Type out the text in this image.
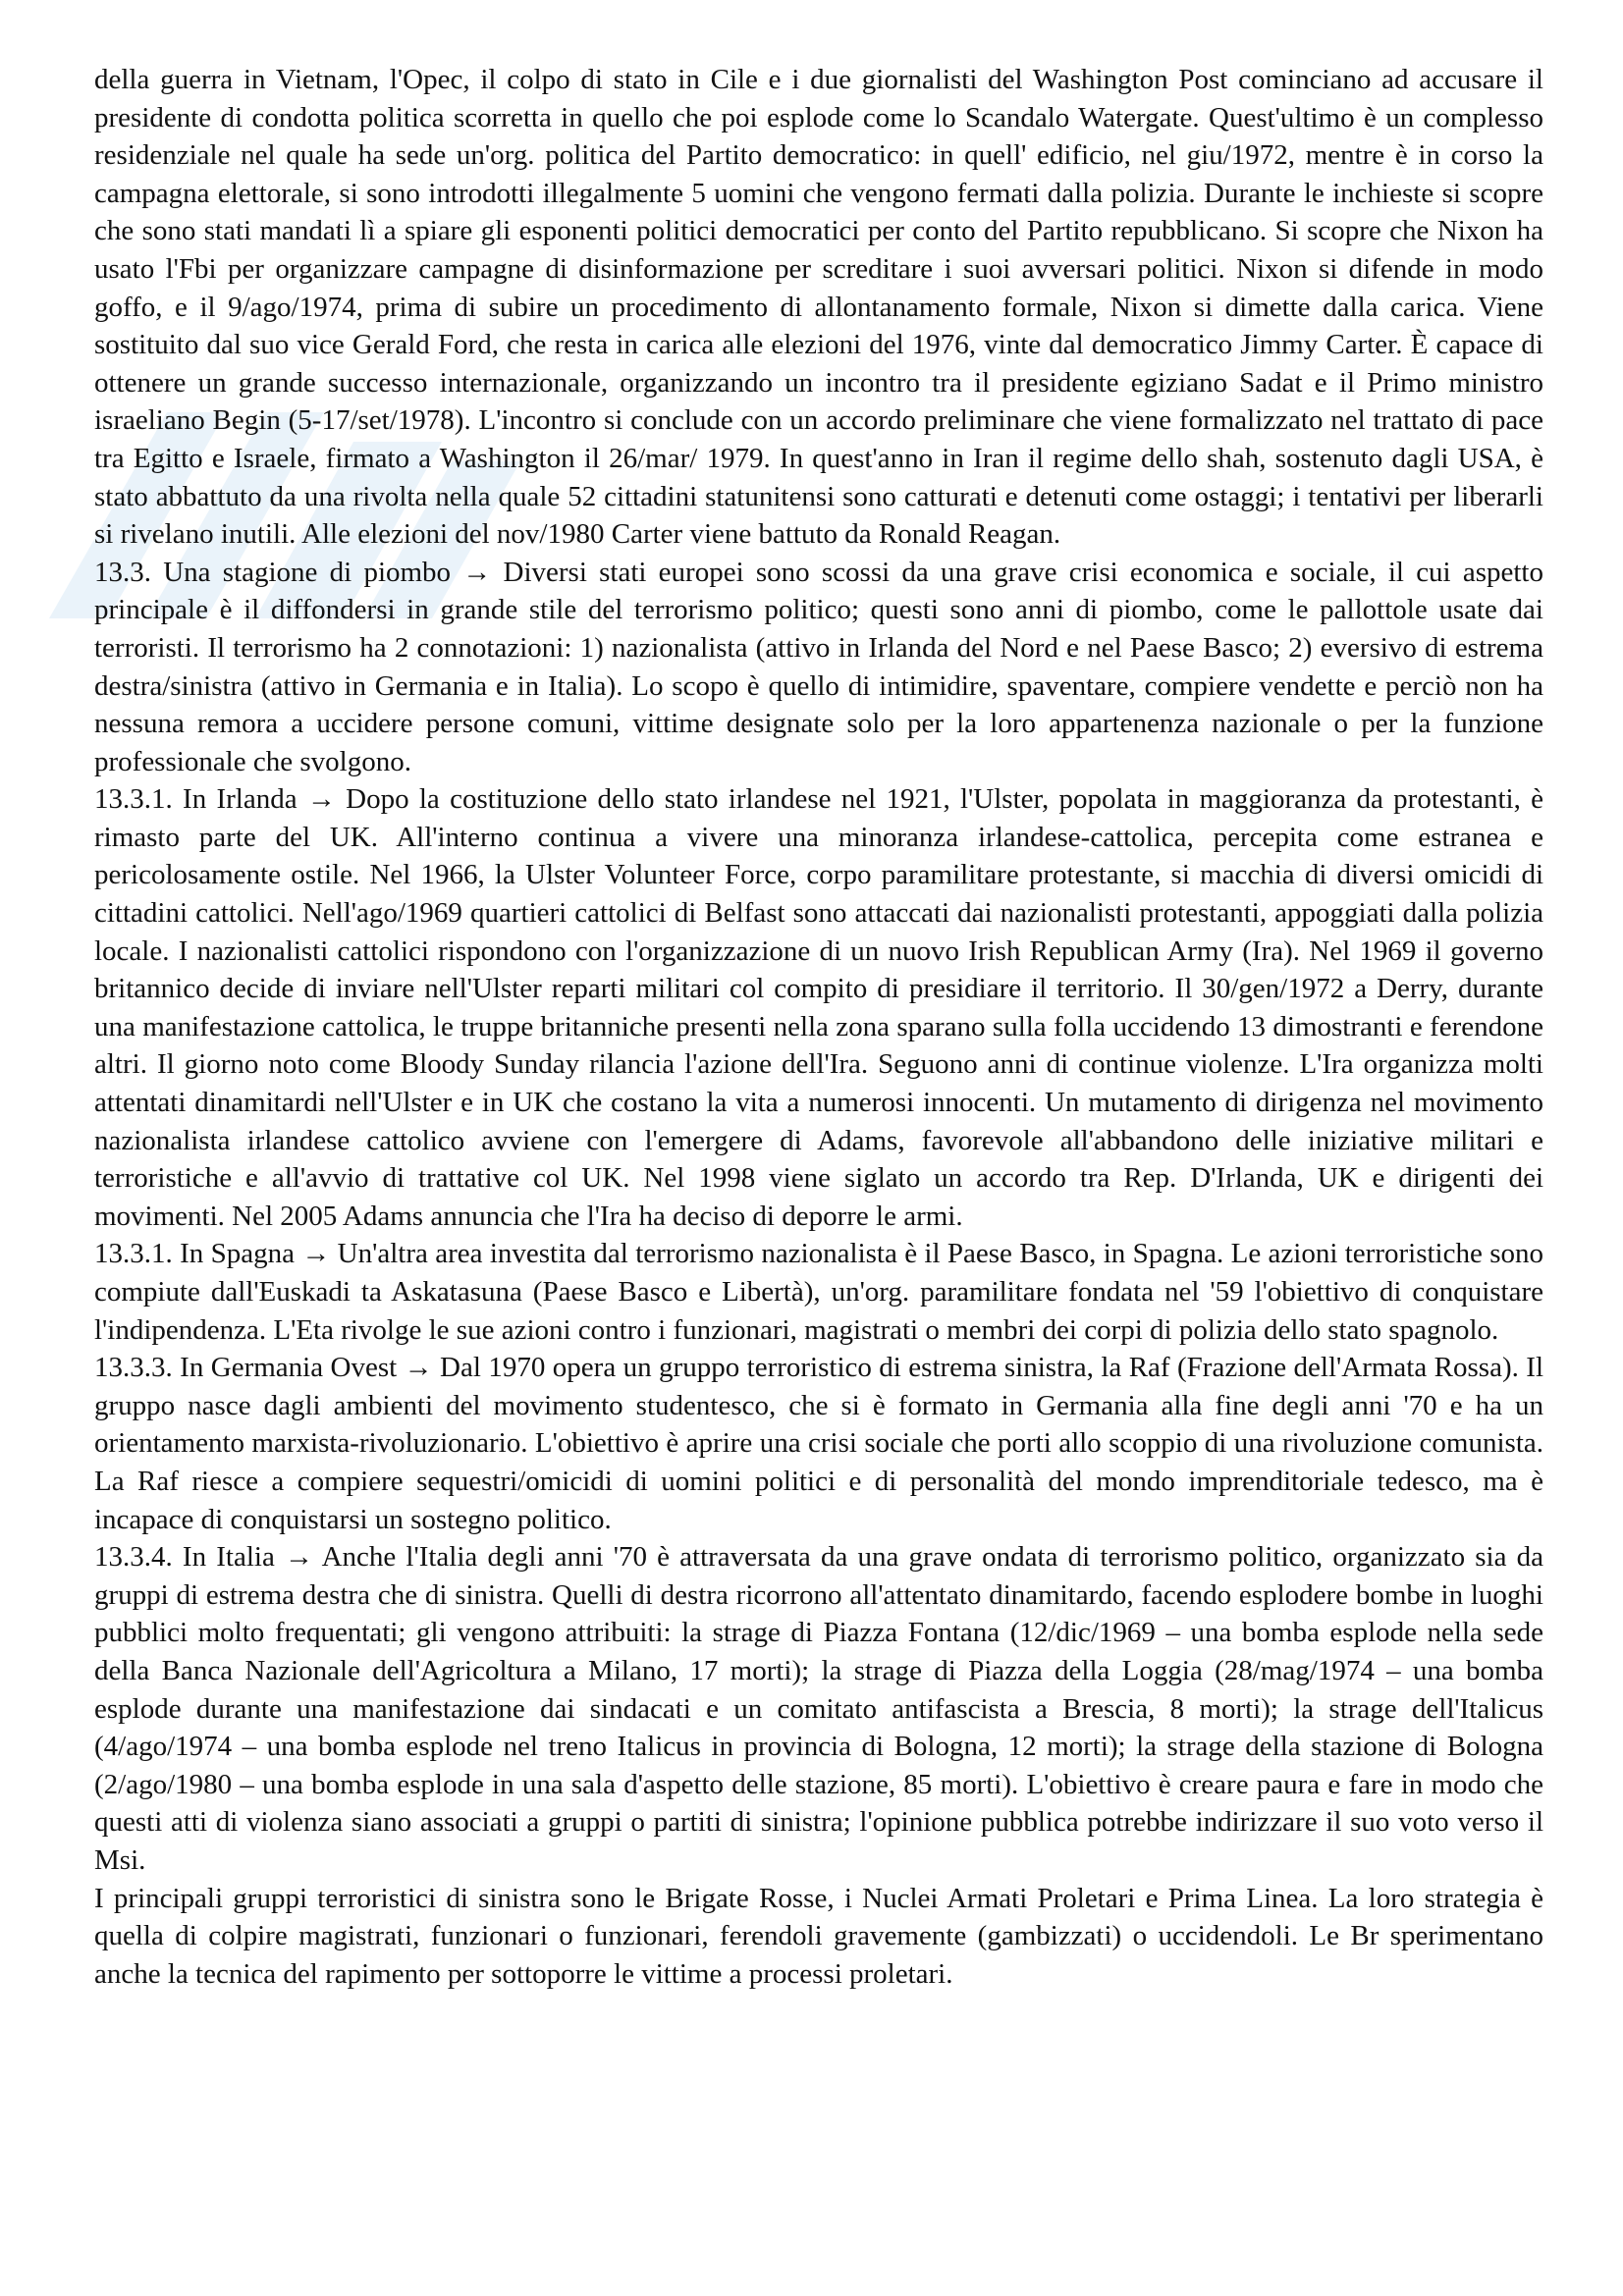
della guerra in Vietnam, l'Opec, il colpo di stato in Cile e i due giornalisti del Washington Post cominciano ad accusare il presidente di condotta politica scorretta in quello che poi esplode come lo Scandalo Watergate. Quest'ultimo è un complesso residenziale nel quale ha sede un'org. politica del Partito democratico: in quell' edificio, nel giu/1972, mentre è in corso la campagna elettorale, si sono introdotti illegalmente 5 uomini che vengono fermati dalla polizia. Durante le inchieste si scopre che sono stati mandati lì a spiare gli esponenti politici democratici per conto del Partito repubblicano. Si scopre che Nixon ha usato l'Fbi per organizzare campagne di disinformazione per screditare i suoi avversari politici. Nixon si difende in modo goffo, e il 9/ago/1974, prima di subire un procedimento di allontanamento formale, Nixon si dimette dalla carica. Viene sostituito dal suo vice Gerald Ford, che resta in carica alle elezioni del 1976, vinte dal democratico Jimmy Carter. È capace di ottenere un grande successo internazionale, organizzando un incontro tra il presidente egiziano Sadat e il Primo ministro israeliano Begin (5-17/set/1978). L'incontro si conclude con un accordo preliminare che viene formalizzato nel trattato di pace tra Egitto e Israele, firmato a Washington il 26/mar/ 1979. In quest'anno in Iran il regime dello shah, sostenuto dagli USA, è stato abbattuto da una rivolta nella quale 52 cittadini statunitensi sono catturati e detenuti come ostaggi; i tentativi per liberarli si rivelano inutili. Alle elezioni del nov/1980 Carter viene battuto da Ronald Reagan.

13.3. Una stagione di piombo → Diversi stati europei sono scossi da una grave crisi economica e sociale, il cui aspetto principale è il diffondersi in grande stile del terrorismo politico; questi sono anni di piombo, come le pallottole usate dai terroristi. Il terrorismo ha 2 connotazioni: 1) nazionalista (attivo in Irlanda del Nord e nel Paese Basco; 2) eversivo di estrema destra/sinistra (attivo in Germania e in Italia). Lo scopo è quello di intimidire, spaventare, compiere vendette e perciò non ha nessuna remora a uccidere persone comuni, vittime designate solo per la loro appartenenza nazionale o per la funzione professionale che svolgono.

13.3.1. In Irlanda → Dopo la costituzione dello stato irlandese nel 1921, l'Ulster, popolata in maggioranza da protestanti, è rimasto parte del UK. All'interno continua a vivere una minoranza irlandese-cattolica, percepita come estranea e pericolosamente ostile. Nel 1966, la Ulster Volunteer Force, corpo paramilitare protestante, si macchia di diversi omicidi di cittadini cattolici. Nell'ago/1969 quartieri cattolici di Belfast sono attaccati dai nazionalisti protestanti, appoggiati dalla polizia locale. I nazionalisti cattolici rispondono con l'organizzazione di un nuovo Irish Republican Army (Ira). Nel 1969 il governo britannico decide di inviare nell'Ulster reparti militari col compito di presidiare il territorio. Il 30/gen/1972 a Derry, durante una manifestazione cattolica, le truppe britanniche presenti nella zona sparano sulla folla uccidendo 13 dimostranti e ferendone altri. Il giorno noto come Bloody Sunday rilancia l'azione dell'Ira. Seguono anni di continue violenze. L'Ira organizza molti attentati dinamitardi nell'Ulster e in UK che costano la vita a numerosi innocenti. Un mutamento di dirigenza nel movimento nazionalista irlandese cattolico avviene con l'emergere di Adams, favorevole all'abbandono delle iniziative militari e terroristiche e all'avvio di trattative col UK. Nel 1998 viene siglato un accordo tra Rep. D'Irlanda, UK e dirigenti dei movimenti. Nel 2005 Adams annuncia che l'Ira ha deciso di deporre le armi.

13.3.1. In Spagna → Un'altra area investita dal terrorismo nazionalista è il Paese Basco, in Spagna. Le azioni terroristiche sono compiute dall'Euskadi ta Askatasuna (Paese Basco e Libertà), un'org. paramilitare fondata nel '59 l'obiettivo di conquistare l'indipendenza. L'Eta rivolge le sue azioni contro i funzionari, magistrati o membri dei corpi di polizia dello stato spagnolo.

13.3.3. In Germania Ovest → Dal 1970 opera un gruppo terroristico di estrema sinistra, la Raf (Frazione dell'Armata Rossa). Il gruppo nasce dagli ambienti del movimento studentesco, che si è formato in Germania alla fine degli anni '70 e ha un orientamento marxista-rivoluzionario. L'obiettivo è aprire una crisi sociale che porti allo scoppio di una rivoluzione comunista. La Raf riesce a compiere sequestri/omicidi di uomini politici e di personalità del mondo imprenditoriale tedesco, ma è incapace di conquistarsi un sostegno politico.

13.3.4. In Italia → Anche l'Italia degli anni '70 è attraversata da una grave ondata di terrorismo politico, organizzato sia da gruppi di estrema destra che di sinistra. Quelli di destra ricorrono all'attentato dinamitardo, facendo esplodere bombe in luoghi pubblici molto frequentati; gli vengono attribuiti: la strage di Piazza Fontana (12/dic/1969 – una bomba esplode nella sede della Banca Nazionale dell'Agricoltura a Milano, 17 morti); la strage di Piazza della Loggia (28/mag/1974 – una bomba esplode durante una manifestazione dai sindacati e un comitato antifascista a Brescia, 8 morti); la strage dell'Italicus (4/ago/1974 – una bomba esplode nel treno Italicus in provincia di Bologna, 12 morti); la strage della stazione di Bologna (2/ago/1980 – una bomba esplode in una sala d'aspetto delle stazione, 85 morti). L'obiettivo è creare paura e fare in modo che questi atti di violenza siano associati a gruppi o partiti di sinistra; l'opinione pubblica potrebbe indirizzare il suo voto verso il Msi.

I principali gruppi terroristici di sinistra sono le Brigate Rosse, i Nuclei Armati Proletari e Prima Linea. La loro strategia è quella di colpire magistrati, funzionari o funzionari, ferendoli gravemente (gambizzati) o uccidendoli. Le Br sperimentano anche la tecnica del rapimento per sottoporre le vittime a processi proletari.
